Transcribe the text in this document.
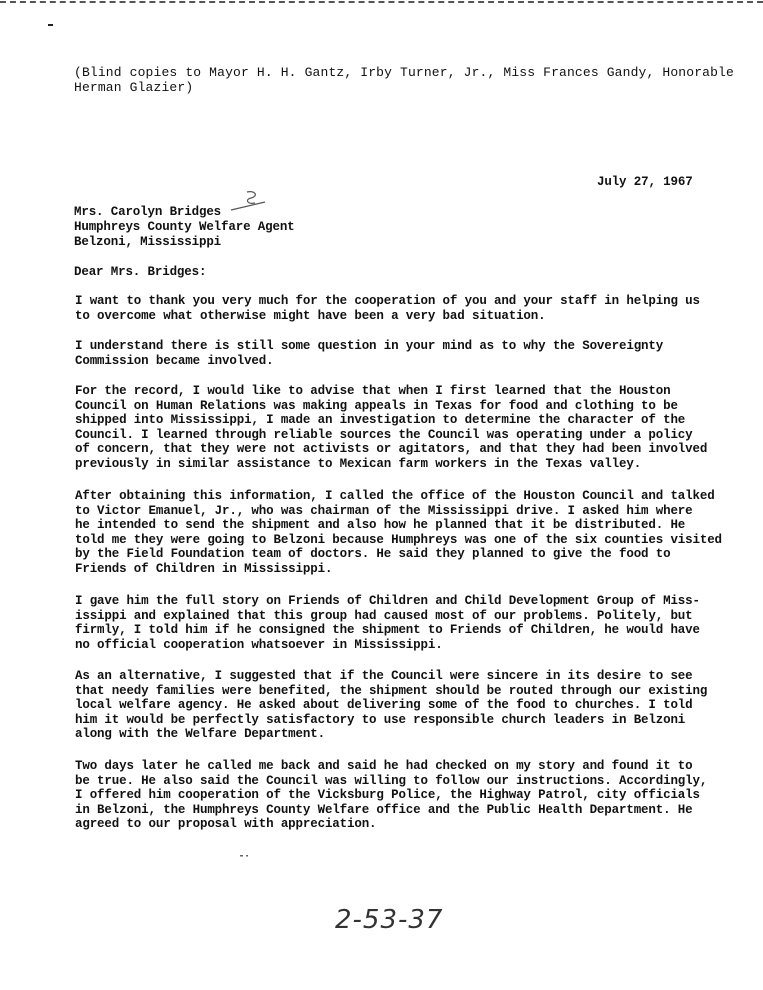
(Blind copies to Mayor H. H. Gantz, Irby Turner, Jr., Miss Frances Gandy, Honorable
Herman Glazier)
July 27, 1967
Mrs. Carolyn Bridges
Humphreys County Welfare Agent
Belzoni, Mississippi
Dear Mrs. Bridges:
I want to thank you very much for the cooperation of you and your staff in helping us
to overcome what otherwise might have been a very bad situation.
I understand there is still some question in your mind as to why the Sovereignty
Commission became involved.
For the record, I would like to advise that when I first learned that the Houston
Council on Human Relations was making appeals in Texas for food and clothing to be
shipped into Mississippi, I made an investigation to determine the character of the
Council. I learned through reliable sources the Council was operating under a policy
of concern, that they were not activists or agitators, and that they had been involved
previously in similar assistance to Mexican farm workers in the Texas valley.
After obtaining this information, I called the office of the Houston Council and talked
to Victor Emanuel, Jr., who was chairman of the Mississippi drive. I asked him where
he intended to send the shipment and also how he planned that it be distributed. He
told me they were going to Belzoni because Humphreys was one of the six counties visited
by the Field Foundation team of doctors. He said they planned to give the food to
Friends of Children in Mississippi.
I gave him the full story on Friends of Children and Child Development Group of Miss-
issippi and explained that this group had caused most of our problems. Politely, but
firmly, I told him if he consigned the shipment to Friends of Children, he would have
no official cooperation whatsoever in Mississippi.
As an alternative, I suggested that if the Council were sincere in its desire to see
that needy families were benefited, the shipment should be routed through our existing
local welfare agency. He asked about delivering some of the food to churches. I told
him it would be perfectly satisfactory to use responsible church leaders in Belzoni
along with the Welfare Department.
Two days later he called me back and said he had checked on my story and found it to
be true. He also said the Council was willing to follow our instructions. Accordingly,
I offered him cooperation of the Vicksburg Police, the Highway Patrol, city officials
in Belzoni, the Humphreys County Welfare office and the Public Health Department. He
agreed to our proposal with appreciation.
2-53-37
